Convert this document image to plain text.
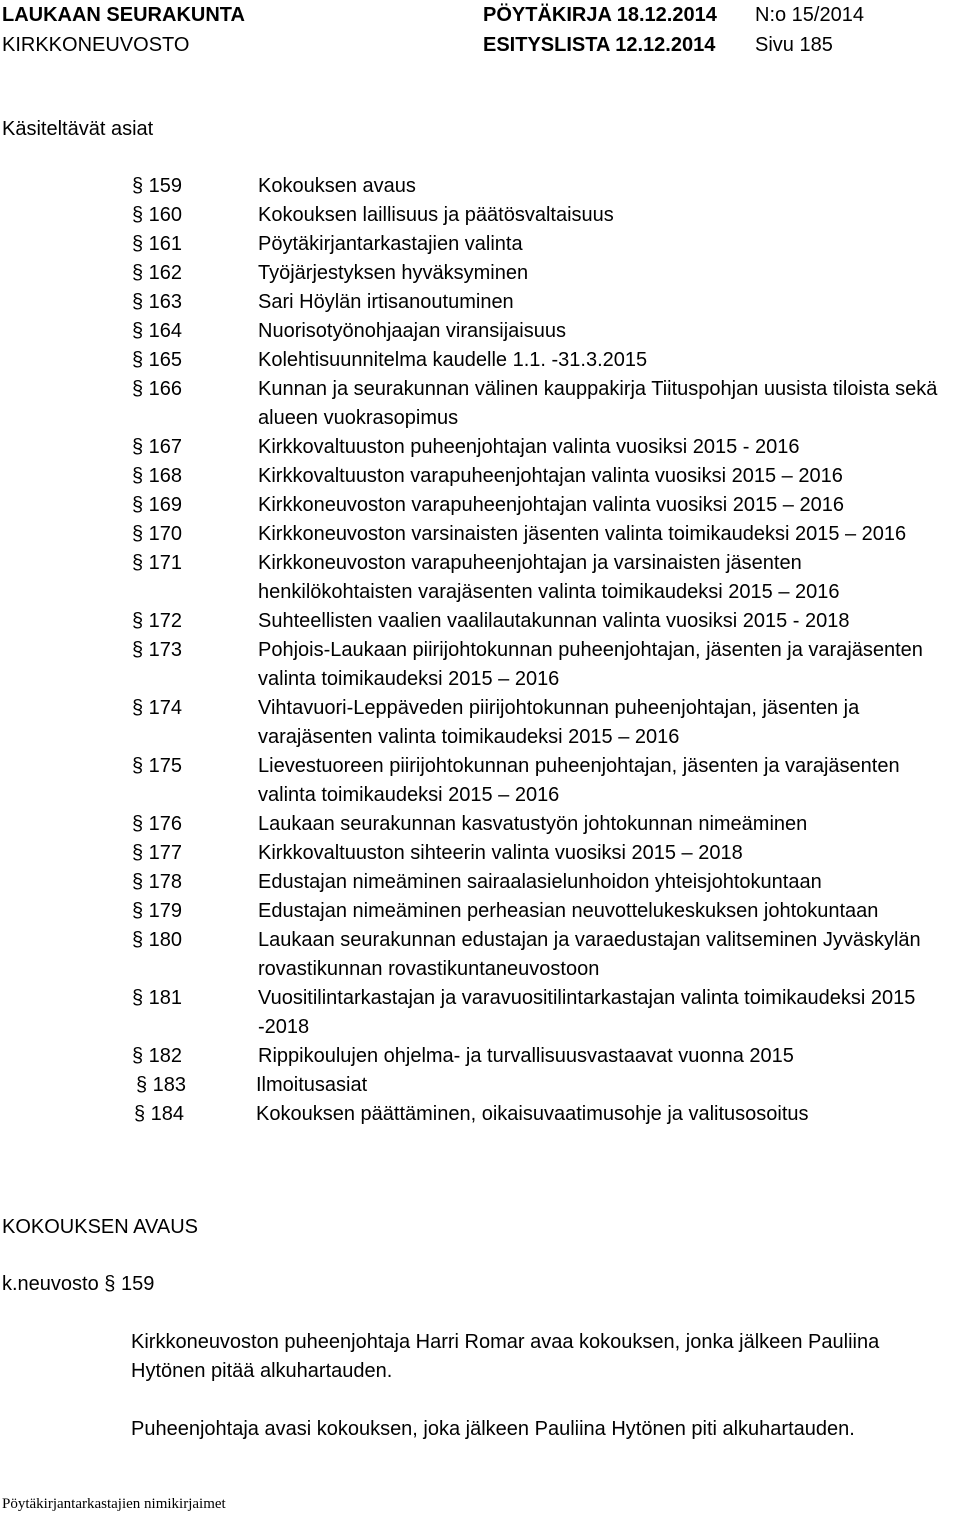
LAUKAAN SEURAKUNTA
KIRKKONEUVOSTO
PÖYTÄKIRJA 18.12.2014 N:o 15/2014
ESITYSLISTA 12.12.2014 Sivu 185
Käsiteltävät asiat
§ 159	Kokouksen avaus
§ 160	Kokouksen laillisuus ja päätösvaltaisuus
§ 161	Pöytäkirjantarkastajien valinta
§ 162	Työjärjestyksen hyväksyminen
§ 163	Sari Höylän irtisanoutuminen
§ 164	Nuorisotyönohjaajan viransijaisuus
§ 165	Kolehtisuunnitelma kaudelle 1.1. -31.3.2015
§ 166	Kunnan ja seurakunnan välinen kauppakirja Tiituspohjan uusista tiloista sekä alueen vuokrasopimus
§ 167	Kirkkovaltuuston puheenjohtajan valinta vuosiksi 2015 - 2016
§ 168	Kirkkovaltuuston varapuheenjohtajan valinta vuosiksi 2015 – 2016
§ 169	Kirkkoneuvoston varapuheenjohtajan valinta vuosiksi 2015 – 2016
§ 170	Kirkkoneuvoston varsinaisten jäsenten valinta toimikaudeksi 2015 – 2016
§ 171	Kirkkoneuvoston varapuheenjohtajan ja varsinaisten jäsenten henkilökohtaisten varajäsenten valinta toimikaudeksi 2015 – 2016
§ 172	Suhteellisten vaalien vaalilautakunnan valinta vuosiksi 2015 - 2018
§ 173	Pohjois-Laukaan piirijohtokunnan puheenjohtajan, jäsenten ja varajäsenten valinta toimikaudeksi 2015 – 2016
§ 174	Vihtavuori-Leppäveden piirijohtokunnan puheenjohtajan, jäsenten ja varajäsenten valinta toimikaudeksi 2015 – 2016
§ 175	Lievestuoreen piirijohtokunnan puheenjohtajan, jäsenten ja varajäsenten valinta toimikaudeksi 2015 – 2016
§ 176	Laukaan seurakunnan kasvatustyön johtokunnan nimeäminen
§ 177	Kirkkovaltuuston sihteerin valinta vuosiksi 2015 – 2018
§ 178	Edustajan nimeäminen sairaalasielunhoidon yhteisjohtokuntaan
§ 179	Edustajan nimeäminen perheasian neuvottelukeskuksen johtokuntaan
§ 180	Laukaan seurakunnan edustajan ja varaedustajan valitseminen Jyväskylän rovastikunnan rovastikuntaneuvostoon
§ 181	Vuositilintarkastajan ja varavuositilintarkastajan valinta toimikaudeksi 2015 -2018
§ 182	Rippikoulujen ohjelma- ja turvallisuusvastaavat vuonna 2015
§ 183	Ilmoitusasiat
§ 184	Kokouksen päättäminen, oikaisuvaatimusohje ja valitusosoitus
KOKOUKSEN AVAUS
k.neuvosto § 159

Kirkkoneuvoston puheenjohtaja Harri Romar avaa kokouksen, jonka jälkeen Pauliina Hytönen pitää alkuhartauden.

Puheenjohtaja avasi kokouksen, joka jälkeen Pauliina Hytönen piti alkuhartauden.

Pöytäkirjantarkastajien nimikirjaimet
